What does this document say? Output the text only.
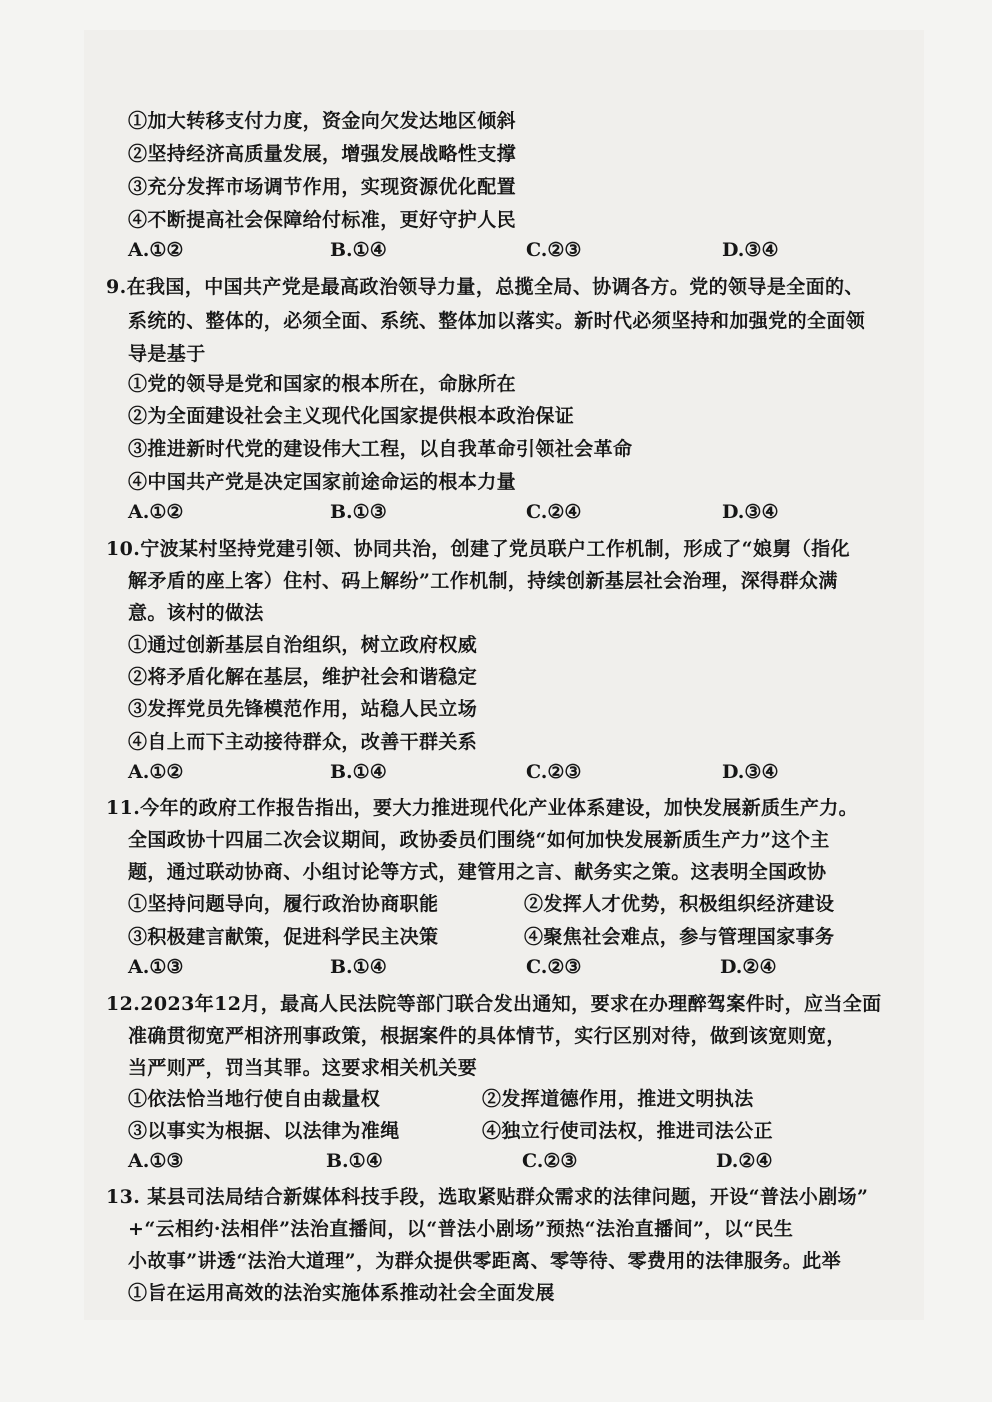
①加大转移支付力度，资金向欠发达地区倾斜
②坚持经济高质量发展，增强发展战略性支撑
③充分发挥市场调节作用，实现资源优化配置
④不断提高社会保障给付标准，更好守护人民
A.①②	B.①④	C.②③	D.③④
9.在我国，中国共产党是最高政治领导力量，总揽全局、协调各方。党的领导是全面的、
系统的、整体的，必须全面、系统、整体加以落实。新时代必须坚持和加强党的全面领
导是基于
①党的领导是党和国家的根本所在，命脉所在
②为全面建设社会主义现代化国家提供根本政治保证
③推进新时代党的建设伟大工程，以自我革命引领社会革命
④中国共产党是决定国家前途命运的根本力量
A.①②	B.①③	C.②④	D.③④
10.宁波某村坚持党建引领、协同共治，创建了党员联户工作机制，形成了“娘舅（指化
解矛盾的座上客）住村、码上解纷”工作机制，持续创新基层社会治理，深得群众满
意。该村的做法
①通过创新基层自治组织，树立政府权威
②将矛盾化解在基层，维护社会和谐稳定
③发挥党员先锋模范作用，站稳人民立场
④自上而下主动接待群众，改善干群关系
A.①②	B.①④	C.②③	D.③④
11.今年的政府工作报告指出，要大力推进现代化产业体系建设，加快发展新质生产力。
全国政协十四届二次会议期间，政协委员们围绕“如何加快发展新质生产力”这个主
题，通过联动协商、小组讨论等方式，建管用之言、献务实之策。这表明全国政协
①坚持问题导向，履行政治协商职能	②发挥人才优势，积极组织经济建设
③积极建言献策，促进科学民主决策	④聚焦社会难点，参与管理国家事务
A.①③	B.①④	C.②③	D.②④
12.2023年12月，最高人民法院等部门联合发出通知，要求在办理醉驾案件时，应当全面
准确贯彻宽严相济刑事政策，根据案件的具体情节，实行区别对待，做到该宽则宽，
当严则严，罚当其罪。这要求相关机关要
①依法恰当地行使自由裁量权	②发挥道德作用，推进文明执法
③以事实为根据、以法律为准绳	④独立行使司法权，推进司法公正
A.①③	B.①④	C.②③	D.②④
13. 某县司法局结合新媒体科技手段，选取紧贴群众需求的法律问题，开设“普法小剧场”
+“云相约·法相伴”法治直播间，以“普法小剧场”预热“法治直播间”，以“民生
小故事”讲透“法治大道理”，为群众提供零距离、零等待、零费用的法律服务。此举
①旨在运用高效的法治实施体系推动社会全面发展
